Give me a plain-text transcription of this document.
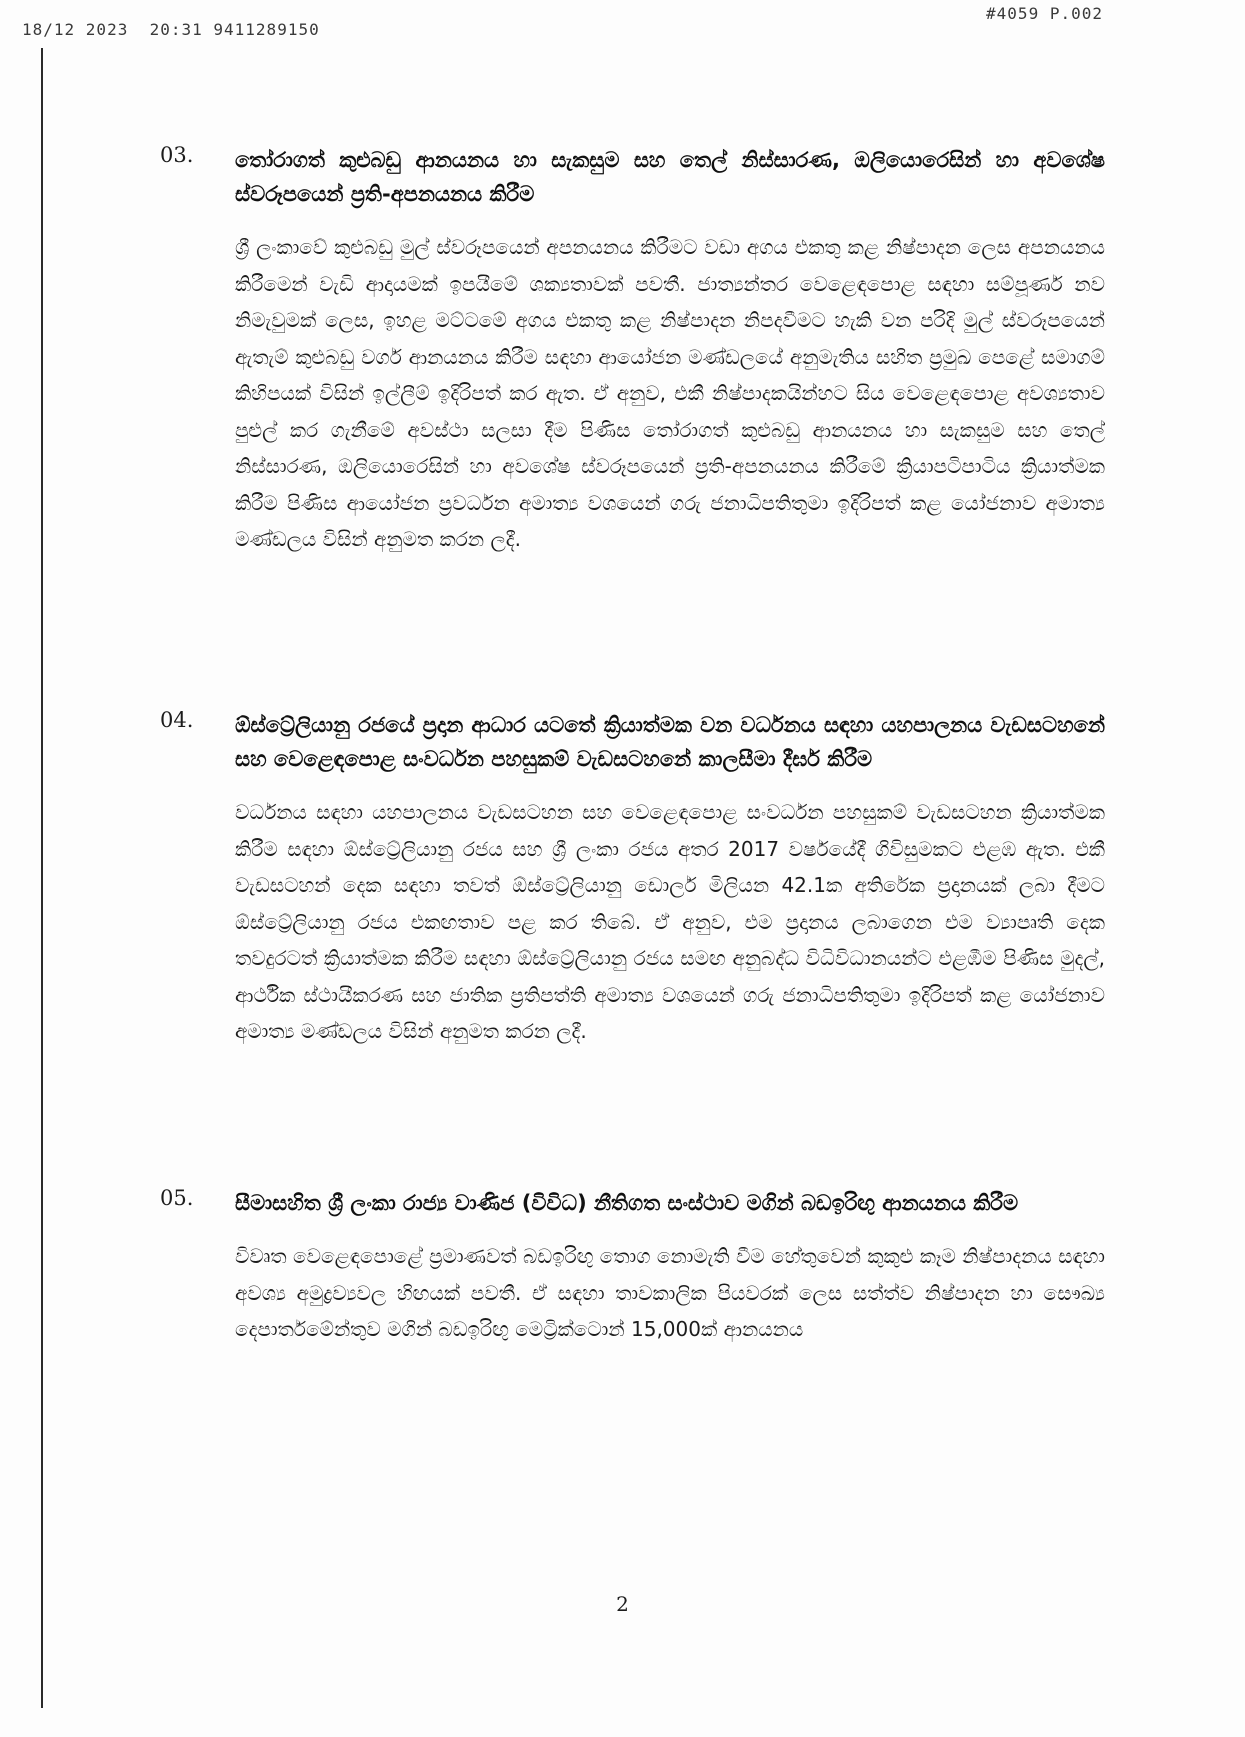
18/12 2023  20:31 9411289150
#4059 P.002
03. තෝරාගත් කුළුබඩු ආනයනය හා සැකසුම සහ තෙල් නිස්සාරණ, ඔලියොරෙසින් හා අවශේෂ ස්වරූපයෙන් ප්‍රති-අපනයනය කිරීම
ශ්‍රී ලංකාවේ කුළුබඩු මුල් ස්වරූපයෙන් අපනයනය කිරීමට වඩා අගය එකතු කළ නිෂ්පාදන ලෙස අපනයනය කිරීමෙන් වැඩි ආදායමක් ඉපයීමේ ශක්‍යතාවක් පවතී. ජාත්‍යන්තර වෙළෙඳපොළ සඳහා සම්පූර්ණ නව නිමැවුමක් ලෙස, ඉහළ මට්ටමේ අගය එකතු කළ නිෂ්පාදන නිපදවීමට හැකි වන පරිදි මුල් ස්වරූපයෙන් ඇතැම් කුළුබඩු වර්ග ආනයනය කිරීම සඳහා ආයෝජන මණ්ඩලයේ අනුමැතිය සහිත ප්‍රමුඛ පෙළේ සමාගම් කිහිපයක් විසින් ඉල්ලීම් ඉදිරිපත් කර ඇත. ඒ අනුව, එකී නිෂ්පාදකයින්හට සිය වෙළෙඳපොළ අවශ්‍යතාව පුළුල් කර ගැනීමේ අවස්ථා සලසා දීම පිණිස තෝරාගත් කුළුබඩු ආනයනය හා සැකසුම සහ තෙල් නිස්සාරණ, ඔලියොරෙසින් හා අවශේෂ ස්වරූපයෙන් ප්‍රති-අපනයනය කිරීමේ ක්‍රියාපටිපාටිය ක්‍රියාත්මක කිරීම පිණිස ආයෝජන ප්‍රවර්ධන අමාත්‍ය වශයෙන් ගරු ජනාධිපතිතුමා ඉදිරිපත් කළ යෝජනාව අමාත්‍ය මණ්ඩලය විසින් අනුමත කරන ලදී.
04. ඕස්ට්‍රේලියානු රජයේ ප්‍රදාන ආධාර යටතේ ක්‍රියාත්මක වන වර්ධනය සඳහා යහපාලනය වැඩසටහනේ සහ වෙළෙඳපොළ සංවර්ධන පහසුකම් වැඩසටහනේ කාලසීමා දීර්ඝ කිරීම
වර්ධනය සඳහා යහපාලනය වැඩසටහන සහ වෙළෙඳපොළ සංවර්ධන පහසුකම් වැඩසටහන ක්‍රියාත්මක කිරීම සඳහා ඕස්ට්‍රේලියානු රජය සහ ශ්‍රී ලංකා රජය අතර 2017 වර්ෂයේදී ගිවිසුමකට එළඹ ඇත. එකී වැඩසටහන් දෙක සඳහා තවත් ඕස්ට්‍රේලියානු ඩොලර් මිලියන 42.1ක අතිරේක ප්‍රදානයක් ලබා දීමට ඕස්ට්‍රේලියානු රජය එකඟතාව පළ කර තිබේ. ඒ අනුව, එම ප්‍රදානය ලබාගෙන එම ව්‍යාපෘති දෙක තවදුරටත් ක්‍රියාත්මක කිරීම සඳහා ඕස්ට්‍රේලියානු රජය සමඟ අනුබද්ධ විධිවිධානයන්ට එළඹීම පිණිස මුදල්, ආර්ථික ස්ථායීකරණ සහ ජාතික ප්‍රතිපත්ති අමාත්‍ය වශයෙන් ගරු ජනාධිපතිතුමා ඉදිරිපත් කළ යෝජනාව අමාත්‍ය මණ්ඩලය විසින් අනුමත කරන ලදී.
05. සීමාසහිත ශ්‍රී ලංකා රාජ්‍ය වාණිජ (විවිධ) නීතිගත සංස්ථාව මගින් බඩඉරිඟු ආනයනය කිරීම
විවෘත වෙළෙඳපොළේ ප්‍රමාණවත් බඩඉරිඟු තොග නොමැති වීම හේතුවෙන් කුකුළු කෑම නිෂ්පාදනය සඳහා අවශ්‍ය අමුද්‍රව්‍යවල හිඟයක් පවතී. ඒ සඳහා තාවකාලික පියවරක් ලෙස සත්ත්ව නිෂ්පාදන හා සෞඛ්‍ය දෙපාර්තමේන්තුව මගින් බඩඉරිඟු මෙට්‍රික්ටොන් 15,000ක් ආනයනය
2
